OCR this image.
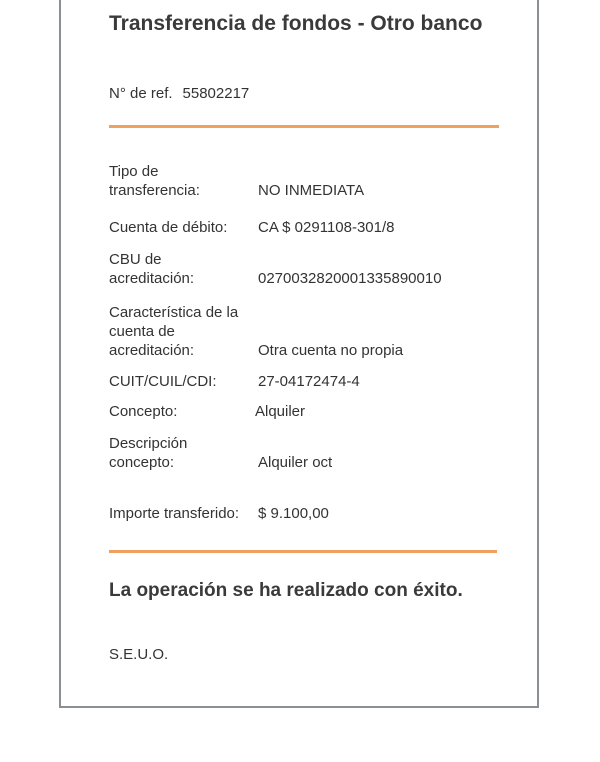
Transferencia de fondos - Otro banco
N° de ref. 55802217
Tipo de transferencia:	NO INMEDIATA
Cuenta de débito:	CA $ 0291108-301/8
CBU de acreditación:	0270032820001335890010
Característica de la cuenta de acreditación:	Otra cuenta no propia
CUIT/CUIL/CDI:	27-04172474-4
Concepto:	Alquiler
Descripción concepto:	Alquiler oct
Importe transferido:	$ 9.100,00

La operación se ha realizado con éxito.

S.E.U.O.
